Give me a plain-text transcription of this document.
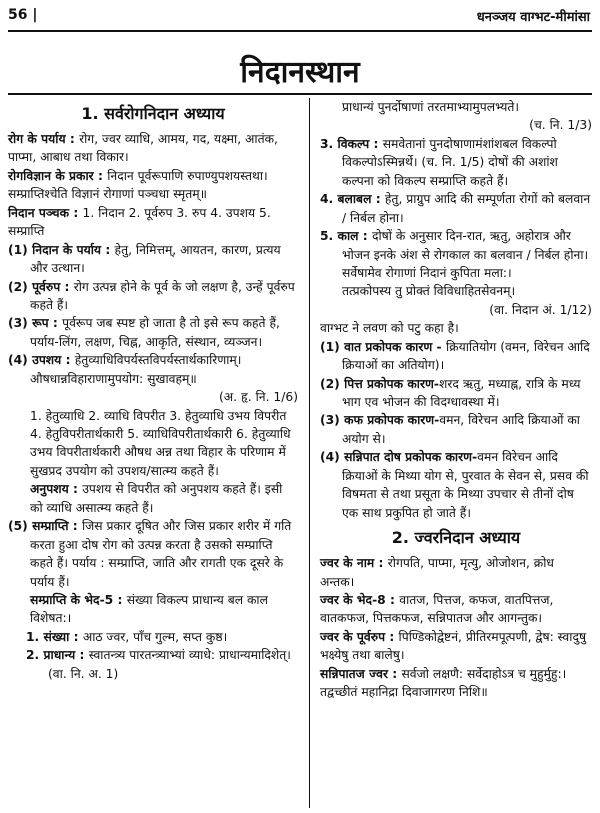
56 |	धनञ्जय वाग्भट-मीमांसा
निदानस्थान
1. सर्वरोगनिदान अध्याय

रोग के पर्याय : रोग, ज्वर व्याधि, आमय, गद, यक्ष्मा, आतंक, पाप्मा, आबाध तथा विकार।

रोगविज्ञान के प्रकार : निदान पूर्वरूपाणि रुपाण्युपशयस्तथा। सम्प्राप्तिश्चेति विज्ञानं रोगाणां पञ्चधा स्मृतम्॥

निदान पञ्चक : 1. निदान 2. पूर्वरुप 3. रुप 4. उपशय 5. सम्प्राप्ति

(1) निदान के पर्याय : हेतु, निमित्तम्, आयतन, कारण, प्रत्यय और उत्थान।

(2) पूर्वरुप : रोग उत्पन्न होने के पूर्व के जो लक्षण है, उन्हें पूर्वरुप कहते हैं।

(3) रूप : पूर्वरूप जब स्पष्ट हो जाता है तो इसे रूप कहते हैं, पर्याय-लिंग, लक्षण, चिह्न, आकृति, संस्थान, व्यञ्जन।

(4) उपशय : हेतुव्याधिविपर्यस्तविपर्यस्तार्थकारिणाम्। औषधान्नविहाराणामुपयोग: सुखावहम्॥

(अ. हृ. नि. 1/6)

1. हेतुव्याधि 2. व्याधि विपरीत 3. हेतुव्याधि उभय विपरीत 4. हेतुविपरीतार्थकारी 5. व्याधिविपरीतार्थकारी 6. हेतुव्याधि उभय विपरीतार्थकारी औषध अन्न तथा विहार के परिणाम में सुखप्रद उपयोग को उपशय/सात्म्य कहते हैं।

अनुपशय : उपशय से विपरीत को अनुपशय कहते हैं। इसी को व्याधि असात्म्य कहते हैं।

(5) सम्प्राप्ति : जिस प्रकार दूषित और जिस प्रकार शरीर में गति करता हुआ दोष रोग को उत्पन्न करता है उसको सम्प्राप्ति कहते हैं। पर्याय : सम्प्राप्ति, जाति और रागती एक दूसरे के पर्याय हैं।

सम्प्राप्ति के भेद-5 : संख्या विकल्प प्राधान्य बल काल विशेषत:।

1. संख्या : आठ ज्वर, पाँच गुल्म, सप्त कुष्ठ।

2. प्राधान्य : स्वातन्त्र्य पारतन्त्र्याभ्यां व्याधे: प्राधान्यमादिशेत्। (वा. नि. अ. 1)

प्राधान्यं पुनर्दोषाणां तरतमाभ्यामुपलभ्यते।

(च. नि. 1/3)

3. विकल्प : समवेतानां पुनदोषाणामंशांशबल विकल्पो विकल्पोऽस्मिन्नर्थे। (च. नि. 1/5) दोषों की अशांश कल्पना को विकल्प सम्प्राप्ति कहते हैं।

4. बलाबल : हेतु, प्राग्रुप आदि की सम्पूर्णता रोगों को बलवान / निर्बल होना।

5. काल : दोषों के अनुसार दिन-रात, ऋतु, अहोरात्र और भोजन इनके अंश से रोगकाल का बलवान / निर्बल होना।

सर्वेषामेव रोगाणां निदानं कुपिता मला:।

तत्प्रकोपस्य तु प्रोक्तं विविधाहितसेवनम्।

(वा. निदान अं. 1/12)

वाग्भट ने लवण को पटु कहा है।

(1) वात प्रकोपक कारण - क्रियातियोग (वमन, विरेचन आदि क्रियाओं का अतियोग)।

(2) पित्त प्रकोपक कारण-शरद ऋतु, मध्याह्न, रात्रि के मध्य भाग एव भोजन की विदग्धावस्था में।

(3) कफ प्रकोपक कारण-वमन, विरेचन आदि क्रियाओं का अयोग से।

(4) सन्निपात दोष प्रकोपक कारण-वमन विरेचन आदि क्रियाओं के मिथ्या योग से, पुरवात के सेवन से, प्रसव की विषमता से तथा प्रसूता के मिथ्या उपचार से तीनों दोष एक साथ प्रकुपित हो जाते हैं।

2. ज्वरनिदान अध्याय

ज्वर के नाम : रोगपति, पाप्मा, मृत्यु, ओजोशन, क्रोध अन्तक।

ज्वर के भेद-8 : वातज, पित्तज, कफज, वातपित्तज, वातकफज, पित्तकफज, सन्निपातज और आगन्तुक।

ज्वर के पूर्वरुप : पिण्डिकोद्वेष्टनं, प्रीतिरमपूत्पणी, द्वेष: स्वादुषु भक्ष्येषु तथा बालेषु।

सन्निपातज ज्वर : सर्वजो लक्षणै: सर्वेदाहोऽत्र च मुहुर्मुहु:। तद्वच्छीतं महानिद्रा दिवाजागरण निशि॥
